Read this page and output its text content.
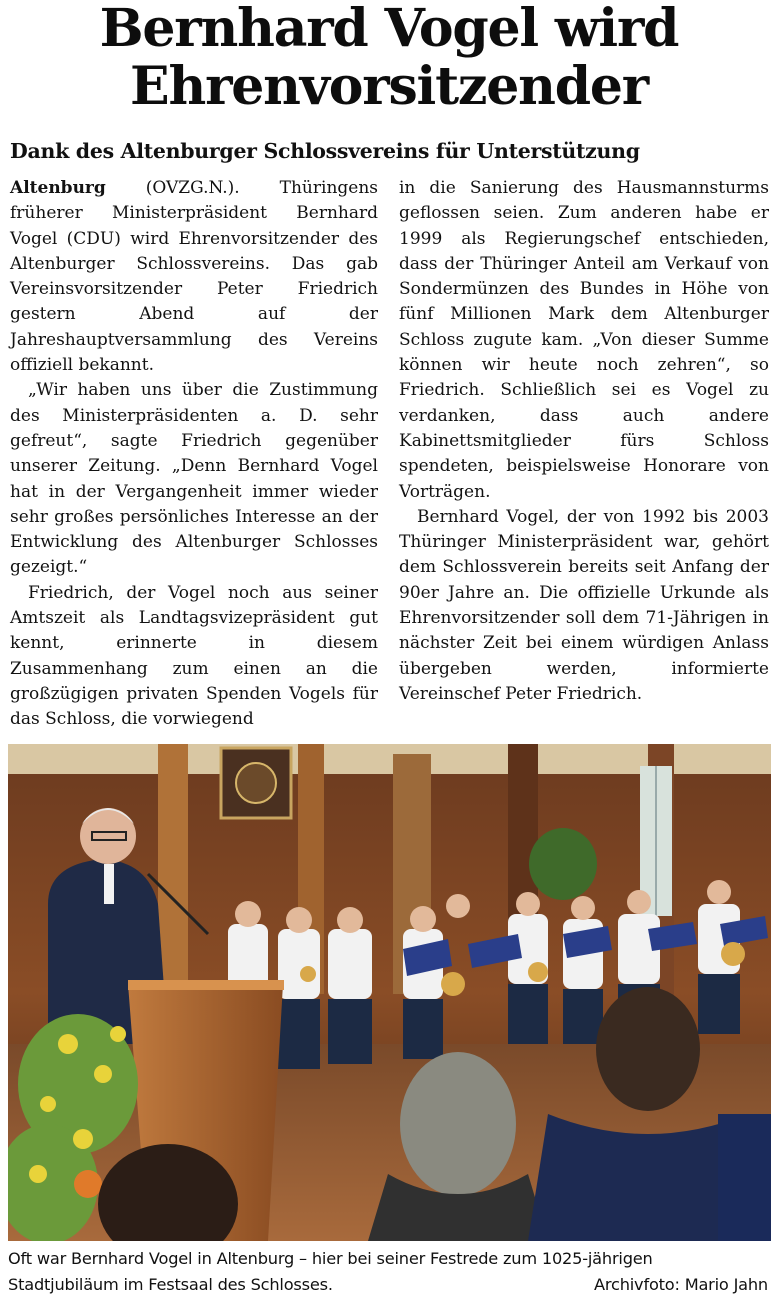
Bernhard Vogel wird
Ehrenvorsitzender
Dank des Altenburger Schlossvereins für Unterstützung

Altenburg (OVZG.N.). Thüringens früherer Ministerpräsident Bernhard Vogel (CDU) wird Ehrenvorsitzender des Altenburger Schlossvereins. Das gab Vereinsvorsitzender Peter Friedrich gestern Abend auf der Jahreshauptversammlung des Vereins offiziell bekannt.

„Wir haben uns über die Zustimmung des Ministerpräsidenten a. D. sehr gefreut“, sagte Friedrich gegenüber unserer Zeitung. „Denn Bernhard Vogel hat in der Vergangenheit immer wieder sehr großes persönliches Interesse an der Entwicklung des Altenburger Schlosses gezeigt.“

Friedrich, der Vogel noch aus seiner Amtszeit als Landtagsvizepräsident gut kennt, erinnerte in diesem Zusammenhang zum einen an die großzügigen privaten Spenden Vogels für das Schloss, die vorwiegend

in die Sanierung des Hausmannsturms geflossen seien. Zum anderen habe er 1999 als Regierungschef entschieden, dass der Thüringer Anteil am Verkauf von Sondermünzen des Bundes in Höhe von fünf Millionen Mark dem Altenburger Schloss zugute kam. „Von dieser Summe können wir heute noch zehren“, so Friedrich. Schließlich sei es Vogel zu verdanken, dass auch andere Kabinettsmitglieder fürs Schloss spendeten, beispielsweise Honorare von Vorträgen.

Bernhard Vogel, der von 1992 bis 2003 Thüringer Ministerpräsident war, gehört dem Schlossverein bereits seit Anfang der 90er Jahre an. Die offizielle Urkunde als Ehrenvorsitzender soll dem 71-Jährigen in nächster Zeit bei einem würdigen Anlass übergeben werden, informierte Vereinschef Peter Friedrich.

Oft war Bernhard Vogel in Altenburg – hier bei seiner Festrede zum 1025-jährigen
Stadtjubiläum im Festsaal des Schlosses.	Archivfoto: Mario Jahn
